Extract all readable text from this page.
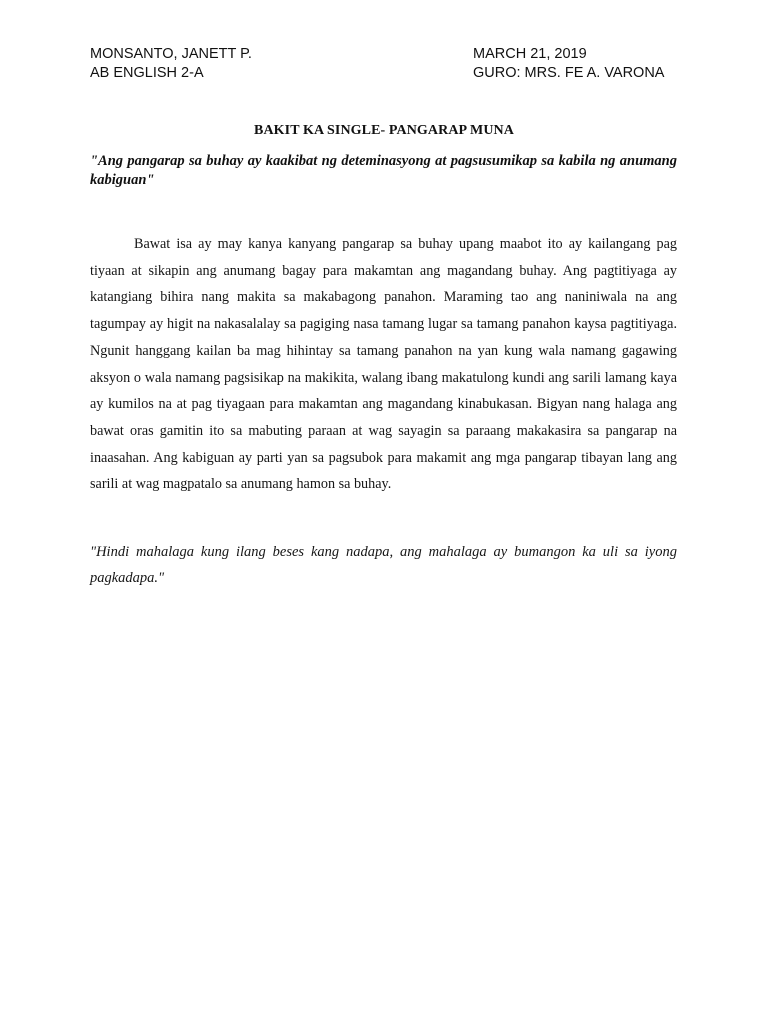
MONSANTO, JANETT P.
AB ENGLISH 2-A
MARCH 21, 2019
GURO: MRS. FE A. VARONA
BAKIT KA SINGLE- PANGARAP MUNA
"Ang pangarap sa buhay ay kaakibat ng deteminasyong at pagsusumikap sa kabila ng anumang kabiguan"
Bawat isa ay may kanya kanyang pangarap sa buhay upang maabot ito ay kailangang pag tiyaan at sikapin ang anumang bagay para makamtan ang magandang buhay. Ang pagtitiyaga ay katangiang bihira nang makita sa makabagong panahon. Maraming tao ang naniniwala na ang tagumpay ay higit na nakasalalay sa pagiging nasa tamang lugar sa tamang panahon kaysa pagtitiyaga. Ngunit hanggang kailan ba mag hihintay sa tamang panahon na yan kung wala namang gagawing aksyon o wala namang pagsisikap na makikita, walang ibang makatulong kundi ang sarili lamang kaya ay kumilos na at pag tiyagaan para makamtan ang magandang kinabukasan. Bigyan nang halaga ang bawat oras gamitin ito sa mabuting paraan at wag sayagin sa paraang makakasira sa pangarap na inaasahan. Ang kabiguan ay parti yan sa pagsubok para makamit ang mga pangarap tibayan lang ang sarili at wag magpatalo sa anumang hamon sa buhay.
"Hindi mahalaga kung ilang beses kang nadapa, ang mahalaga ay bumangon ka uli sa iyong pagkadapa."
